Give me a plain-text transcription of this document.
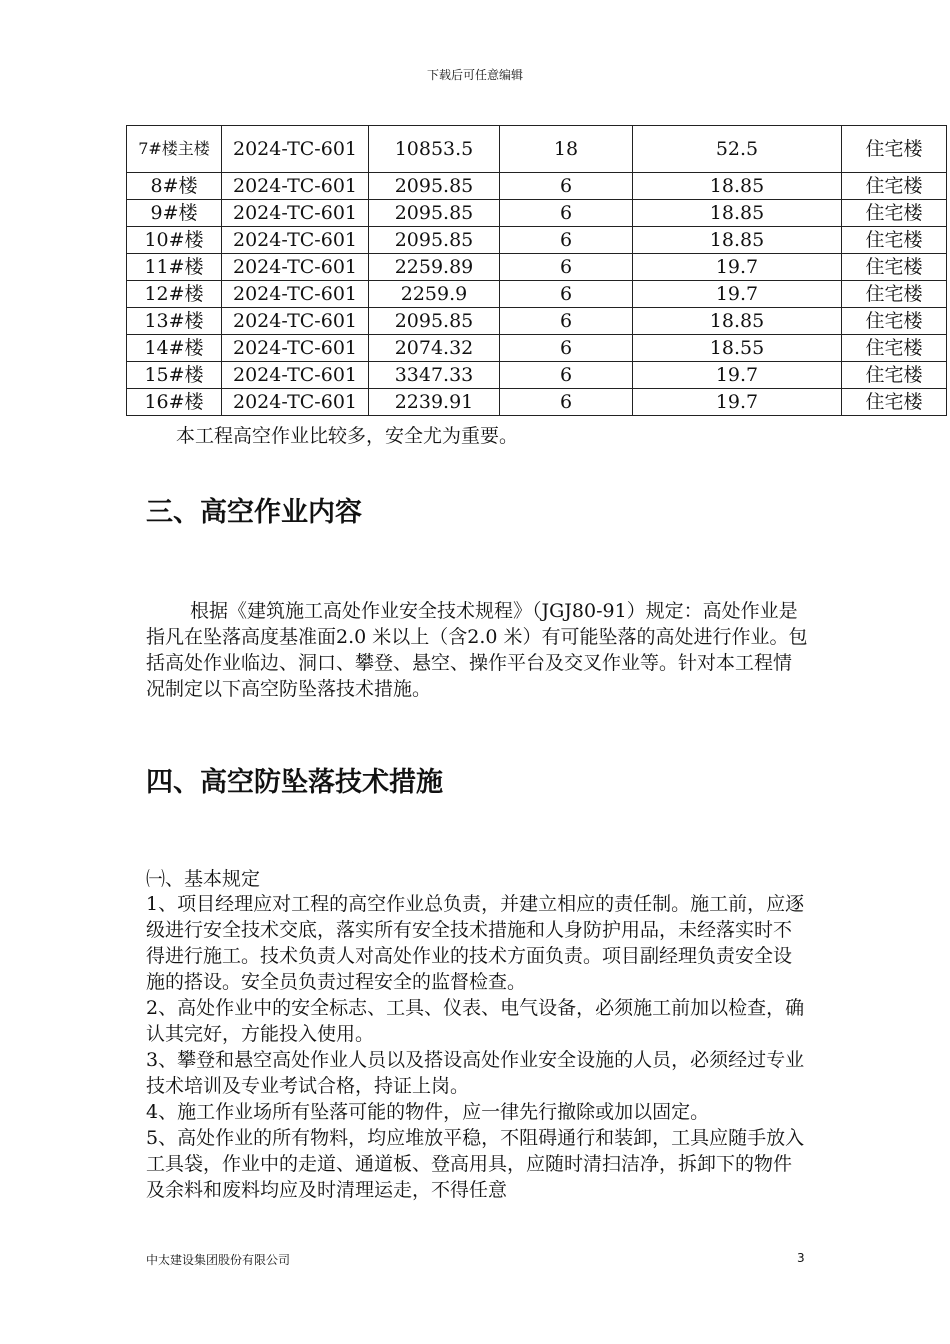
下载后可任意编辑
7#楼主楼	2024-TC-601	10853.5	18	52.5	住宅楼
8#楼	2024-TC-601	2095.85	6	18.85	住宅楼
9#楼	2024-TC-601	2095.85	6	18.85	住宅楼
10#楼	2024-TC-601	2095.85	6	18.85	住宅楼
11#楼	2024-TC-601	2259.89	6	19.7	住宅楼
12#楼	2024-TC-601	2259.9	6	19.7	住宅楼
13#楼	2024-TC-601	2095.85	6	18.85	住宅楼
14#楼	2024-TC-601	2074.32	6	18.55	住宅楼
15#楼	2024-TC-601	3347.33	6	19.7	住宅楼
16#楼	2024-TC-601	2239.91	6	19.7	住宅楼
本工程高空作业比较多，安全尤为重要。
三、高空作业内容
根据《建筑施工高处作业安全技术规程》（JGJ80-91）规定：高处作业是指凡在坠落高度基准面2.0 米以上（含2.0 米）有可能坠落的高处进行作业。包括高处作业临边、洞口、攀登、悬空、操作平台及交叉作业等。针对本工程情况制定以下高空防坠落技术措施。
四、高空防坠落技术措施
㈠、基本规定
1、项目经理应对工程的高空作业总负责，并建立相应的责任制。施工前，应逐级进行安全技术交底，落实所有安全技术措施和人身防护用品，未经落实时不得进行施工。技术负责人对高处作业的技术方面负责。项目副经理负责安全设施的搭设。安全员负责过程安全的监督检查。
2、高处作业中的安全标志、工具、仪表、电气设备，必须施工前加以检查，确认其完好，方能投入使用。
3、攀登和悬空高处作业人员以及搭设高处作业安全设施的人员，必须经过专业技术培训及专业考试合格，持证上岗。
4、施工作业场所有坠落可能的物件，应一律先行撤除或加以固定。
5、高处作业的所有物料，均应堆放平稳，不阻碍通行和装卸，工具应随手放入工具袋，作业中的走道、通道板、登高用具，应随时清扫洁净，拆卸下的物件及余料和废料均应及时清理运走，不得任意
中太建设集团股份有限公司	3
